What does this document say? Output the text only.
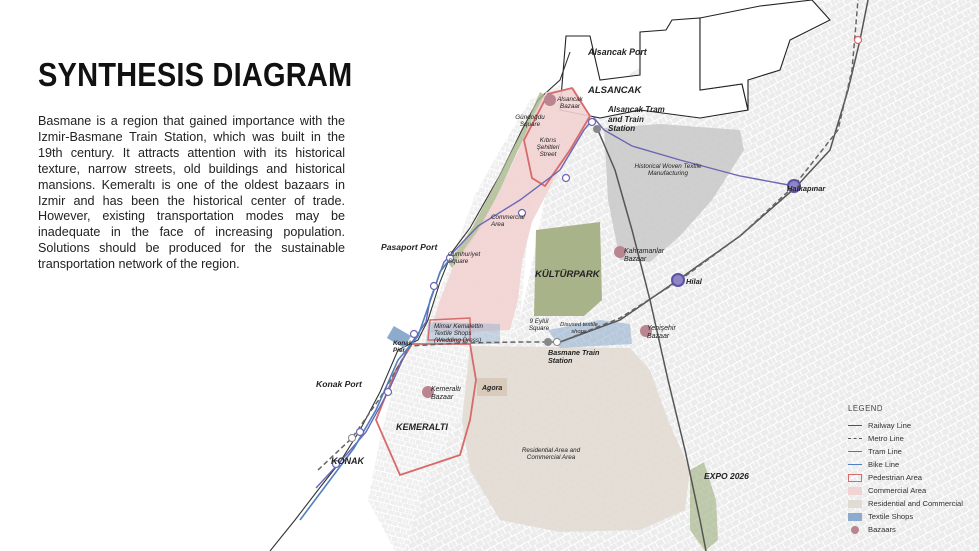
SYNTHESIS DIAGRAM

Basmane is a region that gained importance with the Izmir-Basmane Train Station, which was built in the 19th century. It attracts attention with its historical texture, narrow streets, old buildings and historical mansions. Kemeraltı is one of the oldest bazaars in Izmir and has been the historical center of trade. However, existing transportation modes may be inadequate in the face of increasing population. Solutions should be produced for the sustainable transportation network of the region.

Alsancak Port
ALSANCAK
Alsancak Bazaar
Gündoğdu Square
Kıbrıs Şehitleri Street
Alsancak Tram and Train Station
Historical Woven Textile Manufacturing
Halkapınar
Commercial Area
Pasaport Port
Cumhuriyet Square
KÜLTÜRPARK
Kahramanlar Bazaar
Hilal
Mimar Kemalettin Textile Shops (Wedding Dress)
9 Eylül Square
Disused textile shops	Yenişehir Bazaar
Konak Pier	Basmane Train Station
Konak Port
Kemeraltı Bazaar
Agora
KEMERALTI
Residential Area and Commercial Area
KONAK
EXPO 2026
LEGEND
Railway Line
Metro Line
Tram Line
Bike Line
Pedestrian Area
Commercial Area
Residential and Commercial
Textile Shops
Bazaars
